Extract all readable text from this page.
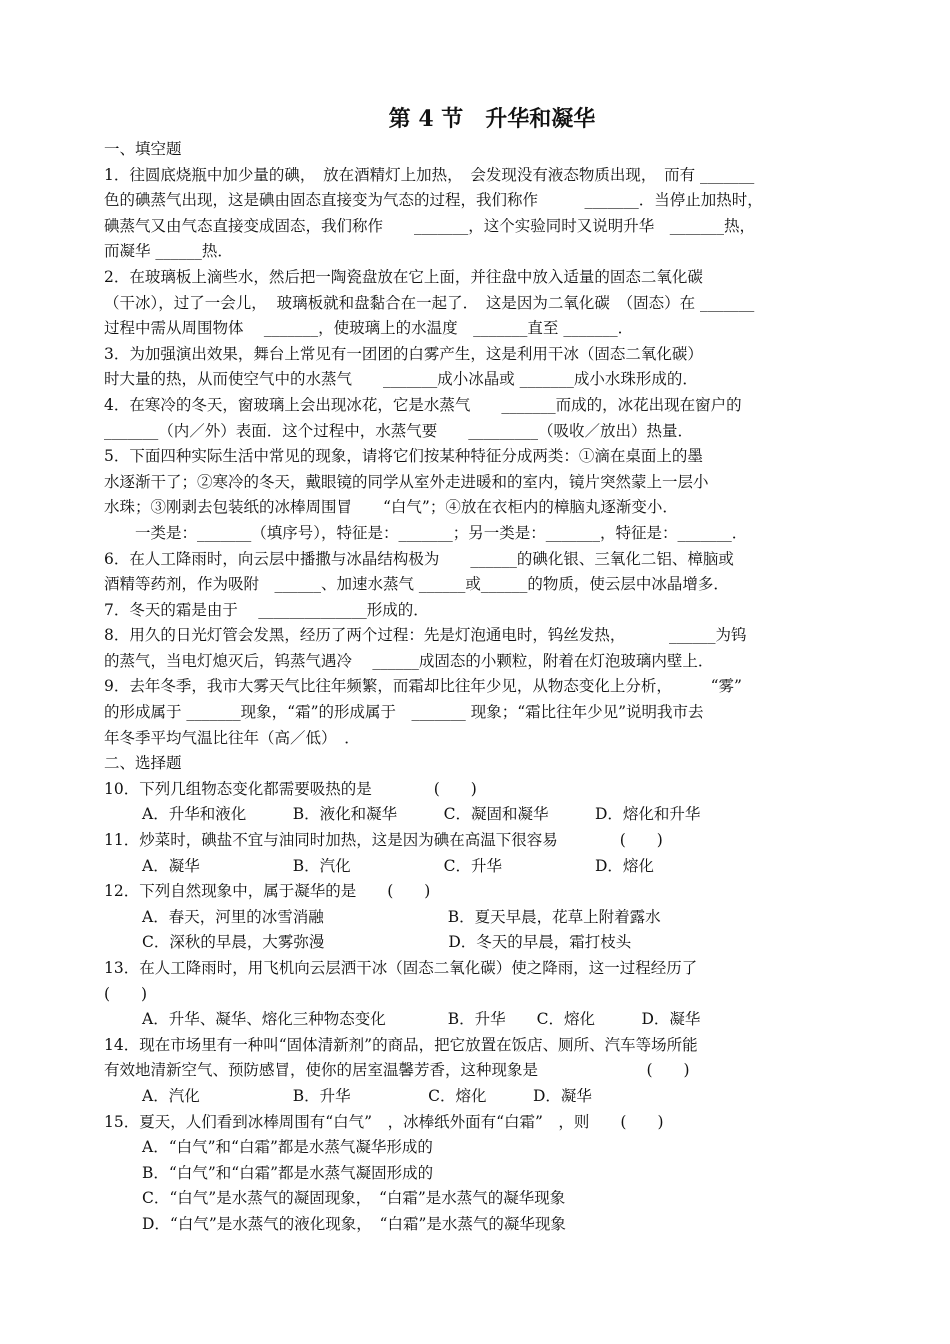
第 4 节　升华和凝华
一、填空题
1．往圆底烧瓶中加少量的碘，　放在酒精灯上加热，　会发现没有液态物质出现，　而有 _______
色的碘蒸气出现，这是碘由固态直接变为气态的过程，我们称作　　　_______．当停止加热时，
碘蒸气又由气态直接变成固态，我们称作　　_______，这个实验同时又说明升华　_______热，
而凝华 ______热．
2．在玻璃板上滴些水，然后把一陶瓷盘放在它上面，并往盘中放入适量的固态二氧化碳
（干冰），过了一会儿，  玻璃板就和盘黏合在一起了．　这是因为二氧化碳　（固态）在 _______
过程中需从周围物体　 _______，使玻璃上的水温度　_______直至 _______．
3．为加强演出效果，舞台上常见有一团团的白雾产生，这是利用干冰（固态二氧化碳）
时大量的热，从而使空气中的水蒸气　　_______成小冰晶或 _______成小水珠形成的．
4．在寒冷的冬天，窗玻璃上会出现冰花，它是水蒸气　　_______而成的，冰花出现在窗户的
_______（内／外）表面．这个过程中，水蒸气要　　_________（吸收／放出）热量．
5．下面四种实际生活中常见的现象，请将它们按某种特征分成两类：①滴在桌面上的墨
水逐渐干了；②寒冷的冬天，戴眼镜的同学从室外走进暖和的室内，镜片突然蒙上一层小
水珠；③刚剥去包装纸的冰棒周围冒　　“白气”；④放在衣柜内的樟脑丸逐渐变小．
　　一类是：_______（填序号），特征是：_______；另一类是：_______，特征是：_______．
6．在人工降雨时，向云层中播撒与冰晶结构极为　　______的碘化银、三氧化二铝、樟脑或
酒精等药剂，作为吸附　______、加速水蒸气 ______或______的物质，使云层中冰晶增多．
7．冬天的霜是由于　 ______________形成的．
8．用久的日光灯管会发黑，经历了两个过程：先是灯泡通电时，钨丝发热，　　　 ______为钨
的蒸气，当电灯熄灭后，钨蒸气遇冷　 ______成固态的小颗粒，附着在灯泡玻璃内壁上．
9．去年冬季，我市大雾天气比往年频繁，而霜却比往年少见，从物态变化上分析，　　　“雾”
的形成属于 _______现象，“霜”的形成属于　_______ 现象；“霜比往年少见”说明我市去
年冬季平均气温比往年（高／低）　．
二、选择题
10．下列几组物态变化都需要吸热的是　　　　(　　)
A．升华和液化　　　B．液化和凝华　　　C．凝固和凝华　　　D．熔化和升华
11．炒菜时，碘盐不宜与油同时加热，这是因为碘在高温下很容易　　　　(　　)
A．凝华　　　　　　B．汽化　　　　　　C．升华　　　　　　D．熔化
12．下列自然现象中，属于凝华的是　　(　　)
A．春天，河里的冰雪消融　　　　　　　　B．夏天早晨，花草上附着露水
C．深秋的早晨，大雾弥漫　　　　　　　　D．冬天的早晨，霜打枝头
13．在人工降雨时，用飞机向云层洒干冰（固态二氧化碳）使之降雨，这一过程经历了
(　　)
A．升华、凝华、熔化三种物态变化　　　　B．升华　　C．熔化　　　D．凝华
14．现在市场里有一种叫“固体清新剂”的商品，把它放置在饭店、厕所、汽车等场所能
有效地清新空气、预防感冒，使你的居室温馨芳香，这种现象是　　　　　　　(　　)
A．汽化　　　　　　B．升华　　　　　C．熔化　　　D．凝华
15．夏天，人们看到冰棒周围有“白气”　，冰棒纸外面有“白霜”　，则　　(　　)
A．“白气”和“白霜”都是水蒸气凝华形成的
B．“白气”和“白霜”都是水蒸气凝固形成的
C．“白气”是水蒸气的凝固现象，　“白霜”是水蒸气的凝华现象
D．“白气”是水蒸气的液化现象，　“白霜”是水蒸气的凝华现象
